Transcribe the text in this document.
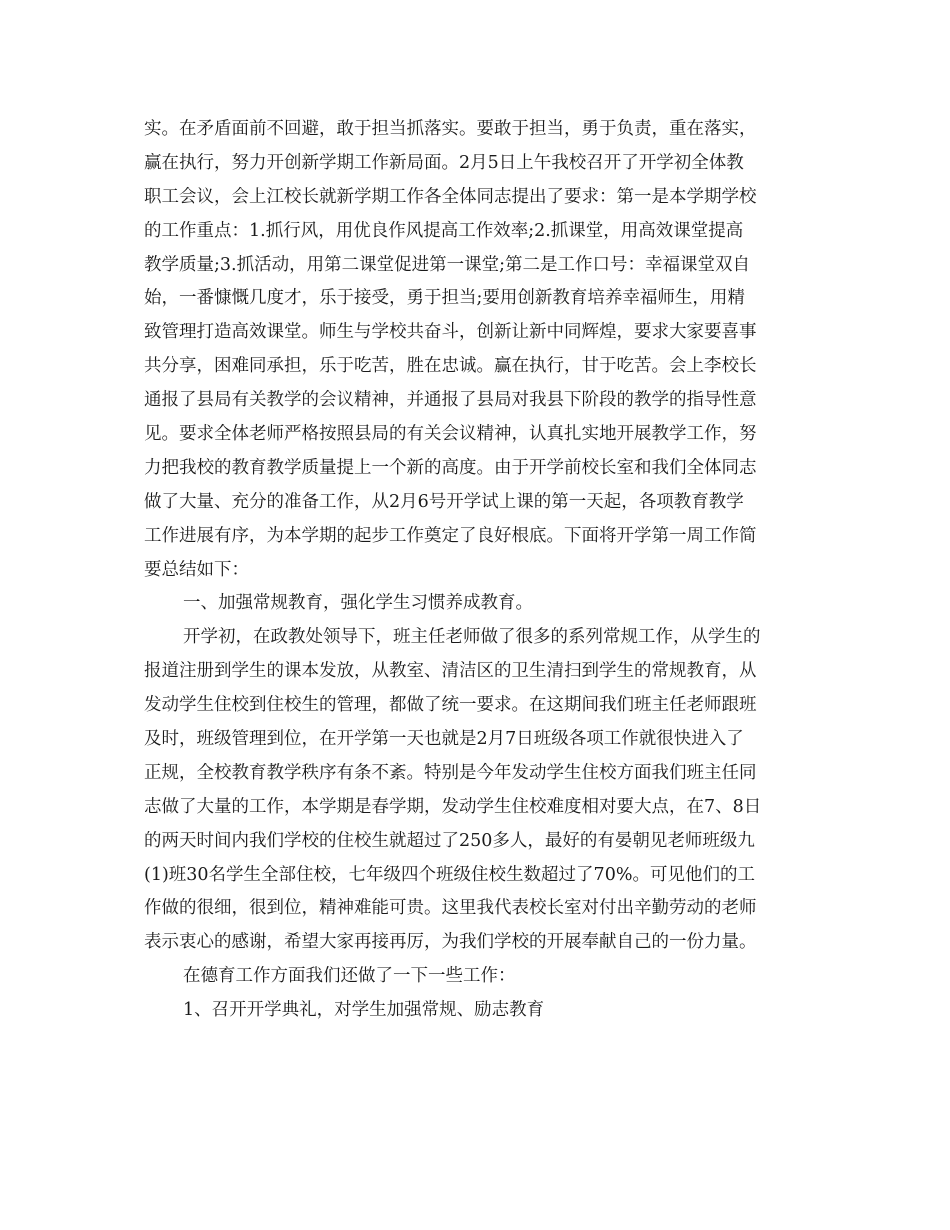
实。在矛盾面前不回避，敢于担当抓落实。要敢于担当，勇于负责，重在落实，
赢在执行，努力开创新学期工作新局面。2月5日上午我校召开了开学初全体教
职工会议，会上江校长就新学期工作各全体同志提出了要求：第一是本学期学校
的工作重点：1.抓行风，用优良作风提高工作效率;2.抓课堂，用高效课堂提高
教学质量;3.抓活动，用第二课堂促进第一课堂;第二是工作口号：幸福课堂双自
始，一番慷慨几度才，乐于接受，勇于担当;要用创新教育培养幸福师生，用精
致管理打造高效课堂。师生与学校共奋斗，创新让新中同辉煌，要求大家要喜事
共分享，困难同承担，乐于吃苦，胜在忠诚。赢在执行，甘于吃苦。会上李校长
通报了县局有关教学的会议精神，并通报了县局对我县下阶段的教学的指导性意
见。要求全体老师严格按照县局的有关会议精神，认真扎实地开展教学工作，努
力把我校的教育教学质量提上一个新的高度。由于开学前校长室和我们全体同志
做了大量、充分的准备工作，从2月6号开学试上课的第一天起，各项教育教学
工作进展有序，为本学期的起步工作奠定了良好根底。下面将开学第一周工作简
要总结如下：
一、加强常规教育，强化学生习惯养成教育。
开学初，在政教处领导下，班主任老师做了很多的系列常规工作，从学生的
报道注册到学生的课本发放，从教室、清洁区的卫生清扫到学生的常规教育，从
发动学生住校到住校生的管理，都做了统一要求。在这期间我们班主任老师跟班
及时，班级管理到位，在开学第一天也就是2月7日班级各项工作就很快进入了
正规，全校教育教学秩序有条不紊。特别是今年发动学生住校方面我们班主任同
志做了大量的工作，本学期是春学期，发动学生住校难度相对要大点，在7、8日
的两天时间内我们学校的住校生就超过了250多人，最好的有晏朝见老师班级九
(1)班30名学生全部住校，七年级四个班级住校生数超过了70%。可见他们的工
作做的很细，很到位，精神难能可贵。这里我代表校长室对付出辛勤劳动的老师
表示衷心的感谢，希望大家再接再厉，为我们学校的开展奉献自己的一份力量。
在德育工作方面我们还做了一下一些工作：
1、召开开学典礼，对学生加强常规、励志教育
